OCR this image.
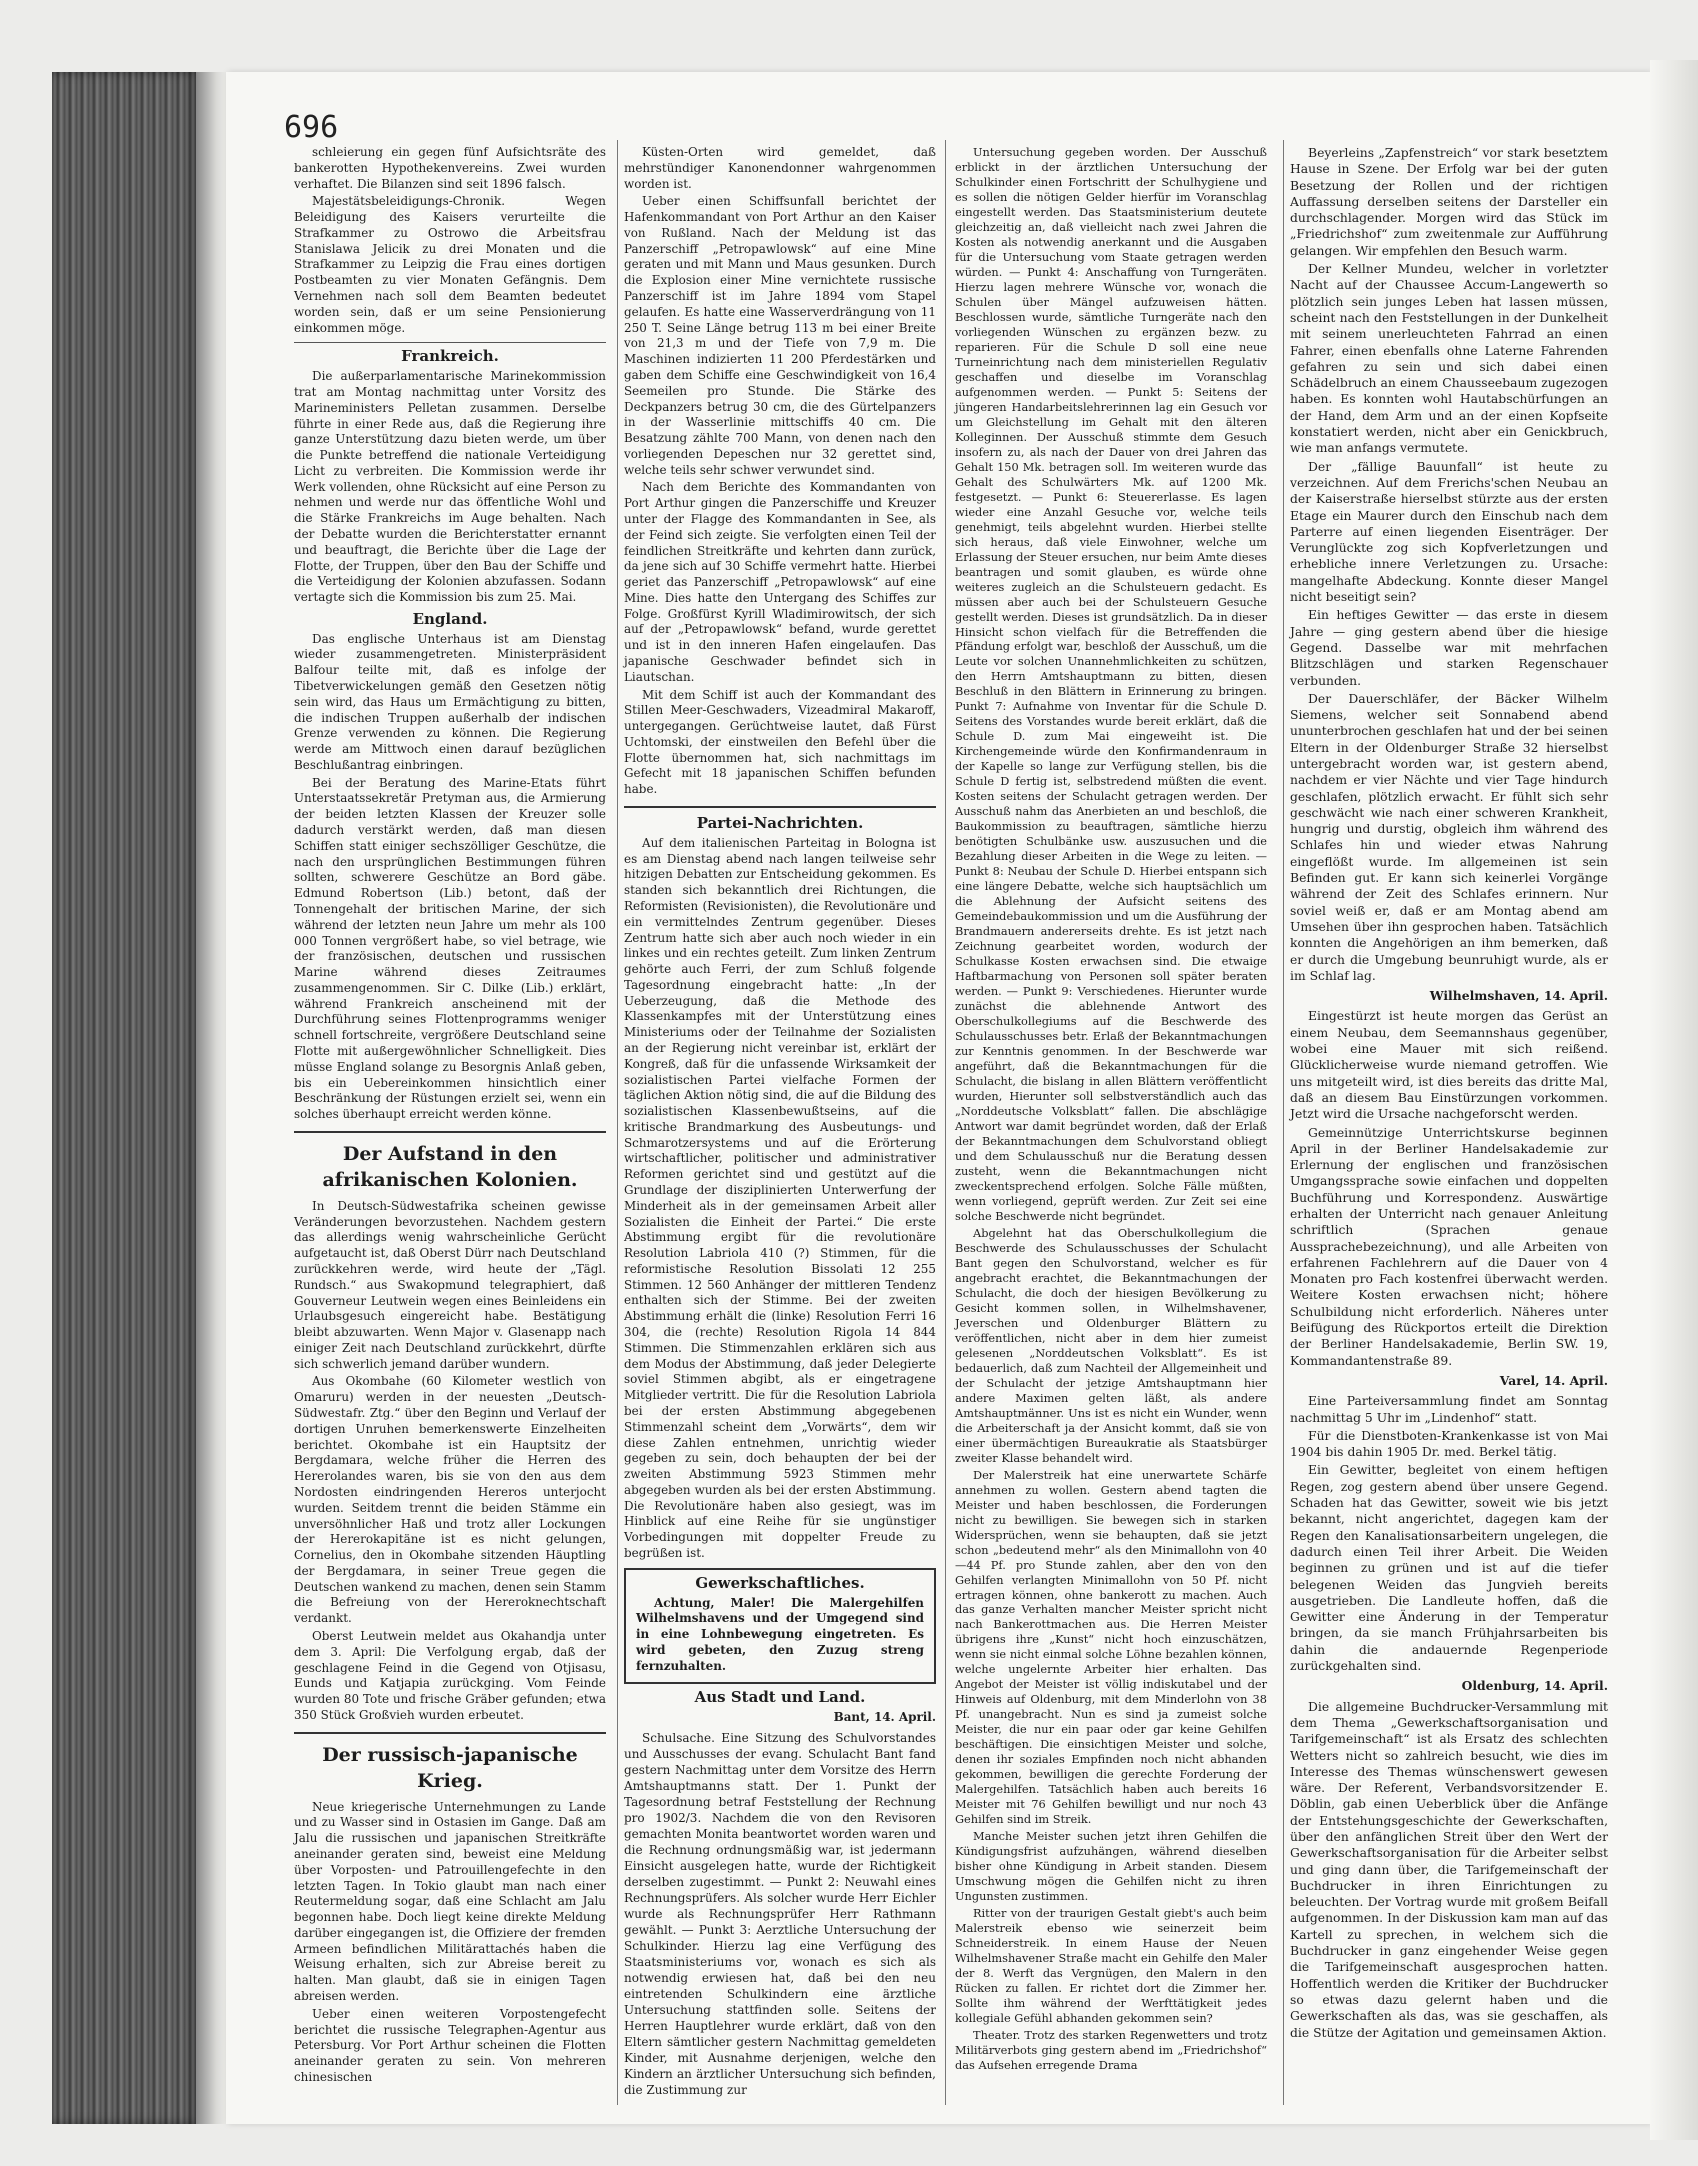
696

schleierung ein gegen fünf Aufsichtsräte des bankerotten Hypothekenvereins. Zwei wurden verhaftet. Die Bilanzen sind seit 1896 falsch.

Majestätsbeleidigungs-Chronik. Wegen Beleidigung des Kaisers verurteilte die Strafkammer zu Ostrowo die Arbeitsfrau Stanislawa Jelicik zu drei Monaten und die Strafkammer zu Leipzig die Frau eines dortigen Postbeamten zu vier Monaten Gefängnis. Dem Vernehmen nach soll dem Beamten bedeutet worden sein, daß er um seine Pensionierung einkommen möge.

Frankreich.

Die außerparlamentarische Marinekommission trat am Montag nachmittag unter Vorsitz des Marineministers Pelletan zusammen. Derselbe führte in einer Rede aus, daß die Regierung ihre ganze Unterstützung dazu bieten werde, um über die Punkte betreffend die nationale Verteidigung Licht zu verbreiten. Die Kommission werde ihr Werk vollenden, ohne Rücksicht auf eine Person zu nehmen und werde nur das öffentliche Wohl und die Stärke Frankreichs im Auge behalten. Nach der Debatte wurden die Berichterstatter ernannt und beauftragt, die Berichte über die Lage der Flotte, der Truppen, über den Bau der Schiffe und die Verteidigung der Kolonien abzufassen. Sodann vertagte sich die Kommission bis zum 25. Mai.

England.

Das englische Unterhaus ist am Dienstag wieder zusammengetreten. Ministerpräsident Balfour teilte mit, daß es infolge der Tibetverwickelungen gemäß den Gesetzen nötig sein wird, das Haus um Ermächtigung zu bitten, die indischen Truppen außerhalb der indischen Grenze verwenden zu können. Die Regierung werde am Mittwoch einen darauf bezüglichen Beschlußantrag einbringen.

Bei der Beratung des Marine-Etats führt Unterstaatssekretär Pretyman aus, die Armierung der beiden letzten Klassen der Kreuzer solle dadurch verstärkt werden, daß man diesen Schiffen statt einiger sechszölliger Geschütze, die nach den ursprünglichen Bestimmungen führen sollten, schwerere Geschütze an Bord gäbe. Edmund Robertson (Lib.) betont, daß der Tonnengehalt der britischen Marine, der sich während der letzten neun Jahre um mehr als 100 000 Tonnen vergrößert habe, so viel betrage, wie der französischen, deutschen und russischen Marine während dieses Zeitraumes zusammengenommen. Sir C. Dilke (Lib.) erklärt, während Frankreich anscheinend mit der Durchführung seines Flottenprogramms weniger schnell fortschreite, vergrößere Deutschland seine Flotte mit außergewöhnlicher Schnelligkeit. Dies müsse England solange zu Besorgnis Anlaß geben, bis ein Uebereinkommen hinsichtlich einer Beschränkung der Rüstungen erzielt sei, wenn ein solches überhaupt erreicht werden könne.

Der Aufstand in den afrikanischen Kolonien.

In Deutsch-Südwestafrika scheinen gewisse Veränderungen bevorzustehen. Nachdem gestern das allerdings wenig wahrscheinliche Gerücht aufgetaucht ist, daß Oberst Dürr nach Deutschland zurückkehren werde, wird heute der „Tägl. Rundsch.“ aus Swakopmund telegraphiert, daß Gouverneur Leutwein wegen eines Beinleidens ein Urlaubsgesuch eingereicht habe. Bestätigung bleibt abzuwarten. Wenn Major v. Glasenapp nach einiger Zeit nach Deutschland zurückkehrt, dürfte sich schwerlich jemand darüber wundern.

Aus Okombahe (60 Kilometer westlich von Omaruru) werden in der neuesten „Deutsch-Südwestafr. Ztg.“ über den Beginn und Verlauf der dortigen Unruhen bemerkenswerte Einzelheiten berichtet. Okombahe ist ein Hauptsitz der Bergdamara, welche früher die Herren des Hererolandes waren, bis sie von den aus dem Nordosten eindringenden Hereros unterjocht wurden. Seitdem trennt die beiden Stämme ein unversöhnlicher Haß und trotz aller Lockungen der Hererokapitäne ist es nicht gelungen, Cornelius, den in Okombahe sitzenden Häuptling der Bergdamara, in seiner Treue gegen die Deutschen wankend zu machen, denen sein Stamm die Befreiung von der Hereroknechtschaft verdankt.

Oberst Leutwein meldet aus Okahandja unter dem 3. April: Die Verfolgung ergab, daß der geschlagene Feind in die Gegend von Otjisasu, Eunds und Katjapia zurückging. Vom Feinde wurden 80 Tote und frische Gräber gefunden; etwa 350 Stück Großvieh wurden erbeutet.

Der russisch-japanische Krieg.

Neue kriegerische Unternehmungen zu Lande und zu Wasser sind in Ostasien im Gange. Daß am Jalu die russischen und japanischen Streitkräfte aneinander geraten sind, beweist eine Meldung über Vorposten- und Patrouillengefechte in den letzten Tagen. In Tokio glaubt man nach einer Reutermeldung sogar, daß eine Schlacht am Jalu begonnen habe. Doch liegt keine direkte Meldung darüber eingegangen ist, die Offiziere der fremden Armeen befindlichen Militärattachés haben die Weisung erhalten, sich zur Abreise bereit zu halten. Man glaubt, daß sie in einigen Tagen abreisen werden.

Ueber einen weiteren Vorpostengefecht berichtet die russische Telegraphen-Agentur aus Petersburg. Vor Port Arthur scheinen die Flotten aneinander geraten zu sein. Von mehreren chinesischen

Küsten-Orten wird gemeldet, daß mehrstündiger Kanonendonner wahrgenommen worden ist.

Ueber einen Schiffsunfall berichtet der Hafenkommandant von Port Arthur an den Kaiser von Rußland. Nach der Meldung ist das Panzerschiff „Petropawlowsk“ auf eine Mine geraten und mit Mann und Maus gesunken. Durch die Explosion einer Mine vernichtete russische Panzerschiff ist im Jahre 1894 vom Stapel gelaufen. Es hatte eine Wasserverdrängung von 11 250 T. Seine Länge betrug 113 m bei einer Breite von 21,3 m und der Tiefe von 7,9 m. Die Maschinen indizierten 11 200 Pferdestärken und gaben dem Schiffe eine Geschwindigkeit von 16,4 Seemeilen pro Stunde. Die Stärke des Deckpanzers betrug 30 cm, die des Gürtelpanzers in der Wasserlinie mittschiffs 40 cm. Die Besatzung zählte 700 Mann, von denen nach den vorliegenden Depeschen nur 32 gerettet sind, welche teils sehr schwer verwundet sind.

Nach dem Berichte des Kommandanten von Port Arthur gingen die Panzerschiffe und Kreuzer unter der Flagge des Kommandanten in See, als der Feind sich zeigte. Sie verfolgten einen Teil der feindlichen Streitkräfte und kehrten dann zurück, da jene sich auf 30 Schiffe vermehrt hatte. Hierbei geriet das Panzerschiff „Petropawlowsk“ auf eine Mine. Dies hatte den Untergang des Schiffes zur Folge. Großfürst Kyrill Wladimirowitsch, der sich auf der „Petropawlowsk“ befand, wurde gerettet und ist in den inneren Hafen eingelaufen. Das japanische Geschwader befindet sich in Liautschan.

Mit dem Schiff ist auch der Kommandant des Stillen Meer-Geschwaders, Vizeadmiral Makaroff, untergegangen. Gerüchtweise lautet, daß Fürst Uchtomski, der einstweilen den Befehl über die Flotte übernommen hat, sich nachmittags im Gefecht mit 18 japanischen Schiffen befunden habe.

Partei-Nachrichten.

Auf dem italienischen Parteitag in Bologna ist es am Dienstag abend nach langen teilweise sehr hitzigen Debatten zur Entscheidung gekommen. Es standen sich bekanntlich drei Richtungen, die Reformisten (Revisionisten), die Revolutionäre und ein vermittelndes Zentrum gegenüber. Dieses Zentrum hatte sich aber auch noch wieder in ein linkes und ein rechtes geteilt. Zum linken Zentrum gehörte auch Ferri, der zum Schluß folgende Tagesordnung eingebracht hatte: „In der Ueberzeugung, daß die Methode des Klassenkampfes mit der Unterstützung eines Ministeriums oder der Teilnahme der Sozialisten an der Regierung nicht vereinbar ist, erklärt der Kongreß, daß für die unfassende Wirksamkeit der sozialistischen Partei vielfache Formen der täglichen Aktion nötig sind, die auf die Bildung des sozialistischen Klassenbewußtseins, auf die kritische Brandmarkung des Ausbeutungs- und Schmarotzersystems und auf die Erörterung wirtschaftlicher, politischer und administrativer Reformen gerichtet sind und gestützt auf die Grundlage der disziplinierten Unterwerfung der Minderheit als in der gemeinsamen Arbeit aller Sozialisten die Einheit der Partei.“ Die erste Abstimmung ergibt für die revolutionäre Resolution Labriola 410 (?) Stimmen, für die reformistische Resolution Bissolati 12 255 Stimmen. 12 560 Anhänger der mittleren Tendenz enthalten sich der Stimme. Bei der zweiten Abstimmung erhält die (linke) Resolution Ferri 16 304, die (rechte) Resolution Rigola 14 844 Stimmen. Die Stimmenzahlen erklären sich aus dem Modus der Abstimmung, daß jeder Delegierte soviel Stimmen abgibt, als er eingetragene Mitglieder vertritt. Die für die Resolution Labriola bei der ersten Abstimmung abgegebenen Stimmenzahl scheint dem „Vorwärts“, dem wir diese Zahlen entnehmen, unrichtig wieder gegeben zu sein, doch behaupten der bei der zweiten Abstimmung 5923 Stimmen mehr abgegeben wurden als bei der ersten Abstimmung. Die Revolutionäre haben also gesiegt, was im Hinblick auf eine Reihe für sie ungünstiger Vorbedingungen mit doppelter Freude zu begrüßen ist.

Gewerkschaftliches.

Achtung, Maler! Die Malergehilfen Wilhelmshavens und der Umgegend sind in eine Lohnbewegung eingetreten. Es wird gebeten, den Zuzug streng fernzuhalten.

Aus Stadt und Land.
Bant, 14. April.

Schulsache. Eine Sitzung des Schulvorstandes und Ausschusses der evang. Schulacht Bant fand gestern Nachmittag unter dem Vorsitze des Herrn Amtshauptmanns statt. Der 1. Punkt der Tagesordnung betraf Feststellung der Rechnung pro 1902/3. Nachdem die von den Revisoren gemachten Monita beantwortet worden waren und die Rechnung ordnungsmäßig war, ist jedermann Einsicht ausgelegen hatte, wurde der Richtigkeit derselben zugestimmt. — Punkt 2: Neuwahl eines Rechnungsprüfers. Als solcher wurde Herr Eichler wurde als Rechnungsprüfer Herr Rathmann gewählt. — Punkt 3: Aerztliche Untersuchung der Schulkinder. Hierzu lag eine Verfügung des Staatsministeriums vor, wonach es sich als notwendig erwiesen hat, daß bei den neu eintretenden Schulkindern eine ärztliche Untersuchung stattfinden solle. Seitens der Herren Hauptlehrer wurde erklärt, daß von den Eltern sämtlicher gestern Nachmittag gemeldeten Kinder, mit Ausnahme derjenigen, welche den Kindern an ärztlicher Untersuchung sich befinden, die Zustimmung zur

Untersuchung gegeben worden. Der Ausschuß erblickt in der ärztlichen Untersuchung der Schulkinder einen Fortschritt der Schulhygiene und es sollen die nötigen Gelder hierfür im Voranschlag eingestellt werden. Das Staatsministerium deutete gleichzeitig an, daß vielleicht nach zwei Jahren die Kosten als notwendig anerkannt und die Ausgaben für die Untersuchung vom Staate getragen werden würden. — Punkt 4: Anschaffung von Turngeräten. Hierzu lagen mehrere Wünsche vor, wonach die Schulen über Mängel aufzuweisen hätten. Beschlossen wurde, sämtliche Turngeräte nach den vorliegenden Wünschen zu ergänzen bezw. zu reparieren. Für die Schule D soll eine neue Turneinrichtung nach dem ministeriellen Regulativ geschaffen und dieselbe im Voranschlag aufgenommen werden. — Punkt 5: Seitens der jüngeren Handarbeitslehrerinnen lag ein Gesuch vor um Gleichstellung im Gehalt mit den älteren Kolleginnen. Der Ausschuß stimmte dem Gesuch insofern zu, als nach der Dauer von drei Jahren das Gehalt 150 Mk. betragen soll. Im weiteren wurde das Gehalt des Schulwärters Mk. auf 1200 Mk. festgesetzt. — Punkt 6: Steuererlasse. Es lagen wieder eine Anzahl Gesuche vor, welche teils genehmigt, teils abgelehnt wurden. Hierbei stellte sich heraus, daß viele Einwohner, welche um Erlassung der Steuer ersuchen, nur beim Amte dieses beantragen und somit glauben, es würde ohne weiteres zugleich an die Schulsteuern gedacht. Es müssen aber auch bei der Schulsteuern Gesuche gestellt werden. Dieses ist grundsätzlich. Da in dieser Hinsicht schon vielfach für die Betreffenden die Pfändung erfolgt war, beschloß der Ausschuß, um die Leute vor solchen Unannehmlichkeiten zu schützen, den Herrn Amtshauptmann zu bitten, diesen Beschluß in den Blättern in Erinnerung zu bringen. Punkt 7: Aufnahme von Inventar für die Schule D. Seitens des Vorstandes wurde bereit erklärt, daß die Schule D. zum Mai eingeweiht ist. Die Kirchengemeinde würde den Konfirmandenraum in der Kapelle so lange zur Verfügung stellen, bis die Schule D fertig ist, selbstredend müßten die event. Kosten seitens der Schulacht getragen werden. Der Ausschuß nahm das Anerbieten an und beschloß, die Baukommission zu beauftragen, sämtliche hierzu benötigten Schulbänke usw. auszusuchen und die Bezahlung dieser Arbeiten in die Wege zu leiten. — Punkt 8: Neubau der Schule D. Hierbei entspann sich eine längere Debatte, welche sich hauptsächlich um die Ablehnung der Aufsicht seitens des Gemeindebaukommission und um die Ausführung der Brandmauern andererseits drehte. Es ist jetzt nach Zeichnung gearbeitet worden, wodurch der Schulkasse Kosten erwachsen sind. Die etwaige Haftbarmachung von Personen soll später beraten werden. — Punkt 9: Verschiedenes. Hierunter wurde zunächst die ablehnende Antwort des Oberschulkollegiums auf die Beschwerde des Schulausschusses betr. Erlaß der Bekanntmachungen zur Kenntnis genommen. In der Beschwerde war angeführt, daß die Bekanntmachungen für die Schulacht, die bislang in allen Blättern veröffentlicht wurden, Hierunter soll selbstverständlich auch das „Norddeutsche Volksblatt“ fallen. Die abschlägige Antwort war damit begründet worden, daß der Erlaß der Bekanntmachungen dem Schulvorstand obliegt und dem Schulausschuß nur die Beratung dessen zusteht, wenn die Bekanntmachungen nicht zweckentsprechend erfolgen. Solche Fälle müßten, wenn vorliegend, geprüft werden. Zur Zeit sei eine solche Beschwerde nicht begründet.

Abgelehnt hat das Oberschulkollegium die Beschwerde des Schulausschusses der Schulacht Bant gegen den Schulvorstand, welcher es für angebracht erachtet, die Bekanntmachungen der Schulacht, die doch der hiesigen Bevölkerung zu Gesicht kommen sollen, in Wilhelmshavener, Jeverschen und Oldenburger Blättern zu veröffentlichen, nicht aber in dem hier zumeist gelesenen „Norddeutschen Volksblatt“. Es ist bedauerlich, daß zum Nachteil der Allgemeinheit und der Schulacht der jetzige Amtshauptmann hier andere Maximen gelten läßt, als andere Amtshauptmänner. Uns ist es nicht ein Wunder, wenn die Arbeiterschaft ja der Ansicht kommt, daß sie von einer übermächtigen Bureaukratie als Staatsbürger zweiter Klasse behandelt wird.

Der Malerstreik hat eine unerwartete Schärfe annehmen zu wollen. Gestern abend tagten die Meister und haben beschlossen, die Forderungen nicht zu bewilligen. Sie bewegen sich in starken Widersprüchen, wenn sie behaupten, daß sie jetzt schon „bedeutend mehr“ als den Minimallohn von 40—44 Pf. pro Stunde zahlen, aber den von den Gehilfen verlangten Minimallohn von 50 Pf. nicht ertragen können, ohne bankerott zu machen. Auch das ganze Verhalten mancher Meister spricht nicht nach Bankerottmachen aus. Die Herren Meister übrigens ihre „Kunst“ nicht hoch einzuschätzen, wenn sie nicht einmal solche Löhne bezahlen können, welche ungelernte Arbeiter hier erhalten. Das Angebot der Meister ist völlig indiskutabel und der Hinweis auf Oldenburg, mit dem Minderlohn von 38 Pf. unangebracht. Nun es sind ja zumeist solche Meister, die nur ein paar oder gar keine Gehilfen beschäftigen. Die einsichtigen Meister und solche, denen ihr soziales Empfinden noch nicht abhanden gekommen, bewilligen die gerechte Forderung der Malergehilfen. Tatsächlich haben auch bereits 16 Meister mit 76 Gehilfen bewilligt und nur noch 43 Gehilfen sind im Streik.

Manche Meister suchen jetzt ihren Gehilfen die Kündigungsfrist aufzuhängen, während dieselben bisher ohne Kündigung in Arbeit standen. Diesem Umschwung mögen die Gehilfen nicht zu ihren Ungunsten zustimmen.

Ritter von der traurigen Gestalt giebt's auch beim Malerstreik ebenso wie seinerzeit beim Schneiderstreik. In einem Hause der Neuen Wilhelmshavener Straße macht ein Gehilfe den Maler der 8. Werft das Vergnügen, den Malern in den Rücken zu fallen. Er richtet dort die Zimmer her. Sollte ihm während der Werfttätigkeit jedes kollegiale Gefühl abhanden gekommen sein?

Theater. Trotz des starken Regenwetters und trotz Militärverbots ging gestern abend im „Friedrichshof“ das Aufsehen erregende Drama

Beyerleins „Zapfenstreich“ vor stark besetztem Hause in Szene. Der Erfolg war bei der guten Besetzung der Rollen und der richtigen Auffassung derselben seitens der Darsteller ein durchschlagender. Morgen wird das Stück im „Friedrichshof“ zum zweitenmale zur Aufführung gelangen. Wir empfehlen den Besuch warm.

Der Kellner Mundeu, welcher in vorletzter Nacht auf der Chaussee Accum-Langewerth so plötzlich sein junges Leben hat lassen müssen, scheint nach den Feststellungen in der Dunkelheit mit seinem unerleuchteten Fahrrad an einen Fahrer, einen ebenfalls ohne Laterne Fahrenden gefahren zu sein und sich dabei einen Schädelbruch an einem Chausseebaum zugezogen haben. Es konnten wohl Hautabschürfungen an der Hand, dem Arm und an der einen Kopfseite konstatiert werden, nicht aber ein Genickbruch, wie man anfangs vermutete.

Der „fällige Bauunfall“ ist heute zu verzeichnen. Auf dem Frerichs'schen Neubau an der Kaiserstraße hierselbst stürzte aus der ersten Etage ein Maurer durch den Einschub nach dem Parterre auf einen liegenden Eisenträger. Der Verunglückte zog sich Kopfverletzungen und erhebliche innere Verletzungen zu. Ursache: mangelhafte Abdeckung. Konnte dieser Mangel nicht beseitigt sein?

Ein heftiges Gewitter — das erste in diesem Jahre — ging gestern abend über die hiesige Gegend. Dasselbe war mit mehrfachen Blitzschlägen und starken Regenschauer verbunden.

Der Dauerschläfer, der Bäcker Wilhelm Siemens, welcher seit Sonnabend abend ununterbrochen geschlafen hat und der bei seinen Eltern in der Oldenburger Straße 32 hierselbst untergebracht worden war, ist gestern abend, nachdem er vier Nächte und vier Tage hindurch geschlafen, plötzlich erwacht. Er fühlt sich sehr geschwächt wie nach einer schweren Krankheit, hungrig und durstig, obgleich ihm während des Schlafes hin und wieder etwas Nahrung eingeflößt wurde. Im allgemeinen ist sein Befinden gut. Er kann sich keinerlei Vorgänge während der Zeit des Schlafes erinnern. Nur soviel weiß er, daß er am Montag abend am Umsehen über ihn gesprochen haben. Tatsächlich konnten die Angehörigen an ihm bemerken, daß er durch die Umgebung beunruhigt wurde, als er im Schlaf lag.

Wilhelmshaven, 14. April.

Eingestürzt ist heute morgen das Gerüst an einem Neubau, dem Seemannshaus gegenüber, wobei eine Mauer mit sich reißend. Glücklicherweise wurde niemand getroffen. Wie uns mitgeteilt wird, ist dies bereits das dritte Mal, daß an diesem Bau Einstürzungen vorkommen. Jetzt wird die Ursache nachgeforscht werden.

Gemeinnützige Unterrichtskurse beginnen April in der Berliner Handelsakademie zur Erlernung der englischen und französischen Umgangssprache sowie einfachen und doppelten Buchführung und Korrespondenz. Auswärtige erhalten der Unterricht nach genauer Anleitung schriftlich (Sprachen genaue Aussprachebezeichnung), und alle Arbeiten von erfahrenen Fachlehrern auf die Dauer von 4 Monaten pro Fach kostenfrei überwacht werden. Weitere Kosten erwachsen nicht; höhere Schulbildung nicht erforderlich. Näheres unter Beifügung des Rückportos erteilt die Direktion der Berliner Handelsakademie, Berlin SW. 19, Kommandantenstraße 89.

Varel, 14. April.

Eine Parteiversammlung findet am Sonntag nachmittag 5 Uhr im „Lindenhof“ statt.

Für die Dienstboten-Krankenkasse ist von Mai 1904 bis dahin 1905 Dr. med. Berkel tätig.

Ein Gewitter, begleitet von einem heftigen Regen, zog gestern abend über unsere Gegend. Schaden hat das Gewitter, soweit wie bis jetzt bekannt, nicht angerichtet, dagegen kam der Regen den Kanalisationsarbeitern ungelegen, die dadurch einen Teil ihrer Arbeit. Die Weiden beginnen zu grünen und ist auf die tiefer belegenen Weiden das Jungvieh bereits ausgetrieben. Die Landleute hoffen, daß die Gewitter eine Änderung in der Temperatur bringen, da sie manch Frühjahrsarbeiten bis dahin die andauernde Regenperiode zurückgehalten sind.

Oldenburg, 14. April.

Die allgemeine Buchdrucker-Versammlung mit dem Thema „Gewerkschaftsorganisation und Tarifgemeinschaft“ ist als Ersatz des schlechten Wetters nicht so zahlreich besucht, wie dies im Interesse des Themas wünschenswert gewesen wäre. Der Referent, Verbandsvorsitzender E. Döblin, gab einen Ueberblick über die Anfänge der Entstehungsgeschichte der Gewerkschaften, über den anfänglichen Streit über den Wert der Gewerkschaftsorganisation für die Arbeiter selbst und ging dann über, die Tarifgemeinschaft der Buchdrucker in ihren Einrichtungen zu beleuchten. Der Vortrag wurde mit großem Beifall aufgenommen. In der Diskussion kam man auf das Kartell zu sprechen, in welchem sich die Buchdrucker in ganz eingehender Weise gegen die Tarifgemeinschaft ausgesprochen hatten. Hoffentlich werden die Kritiker der Buchdrucker so etwas dazu gelernt haben und die Gewerkschaften als das, was sie geschaffen, als die Stütze der Agitation und gemeinsamen Aktion.
